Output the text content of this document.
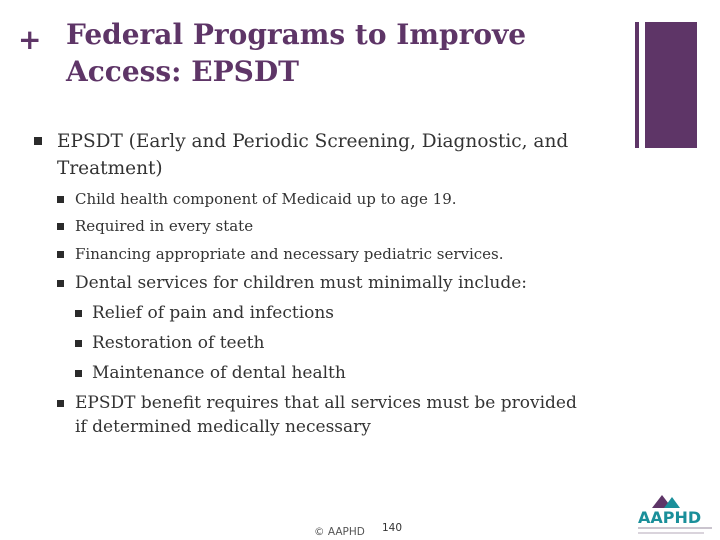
+ Federal Programs to Improve
Access: EPSDT
EPSDT (Early and Periodic Screening, Diagnostic, and
Treatment)
Child health component of Medicaid up to age 19.
Required in every state
Financing appropriate and necessary pediatric services.
Dental services for children must minimally include:
Relief of pain and infections
Restoration of teeth
Maintenance of dental health
EPSDT benefit requires that all services must be provided
if determined medically necessary
© AAPHD 140
AAPHD
